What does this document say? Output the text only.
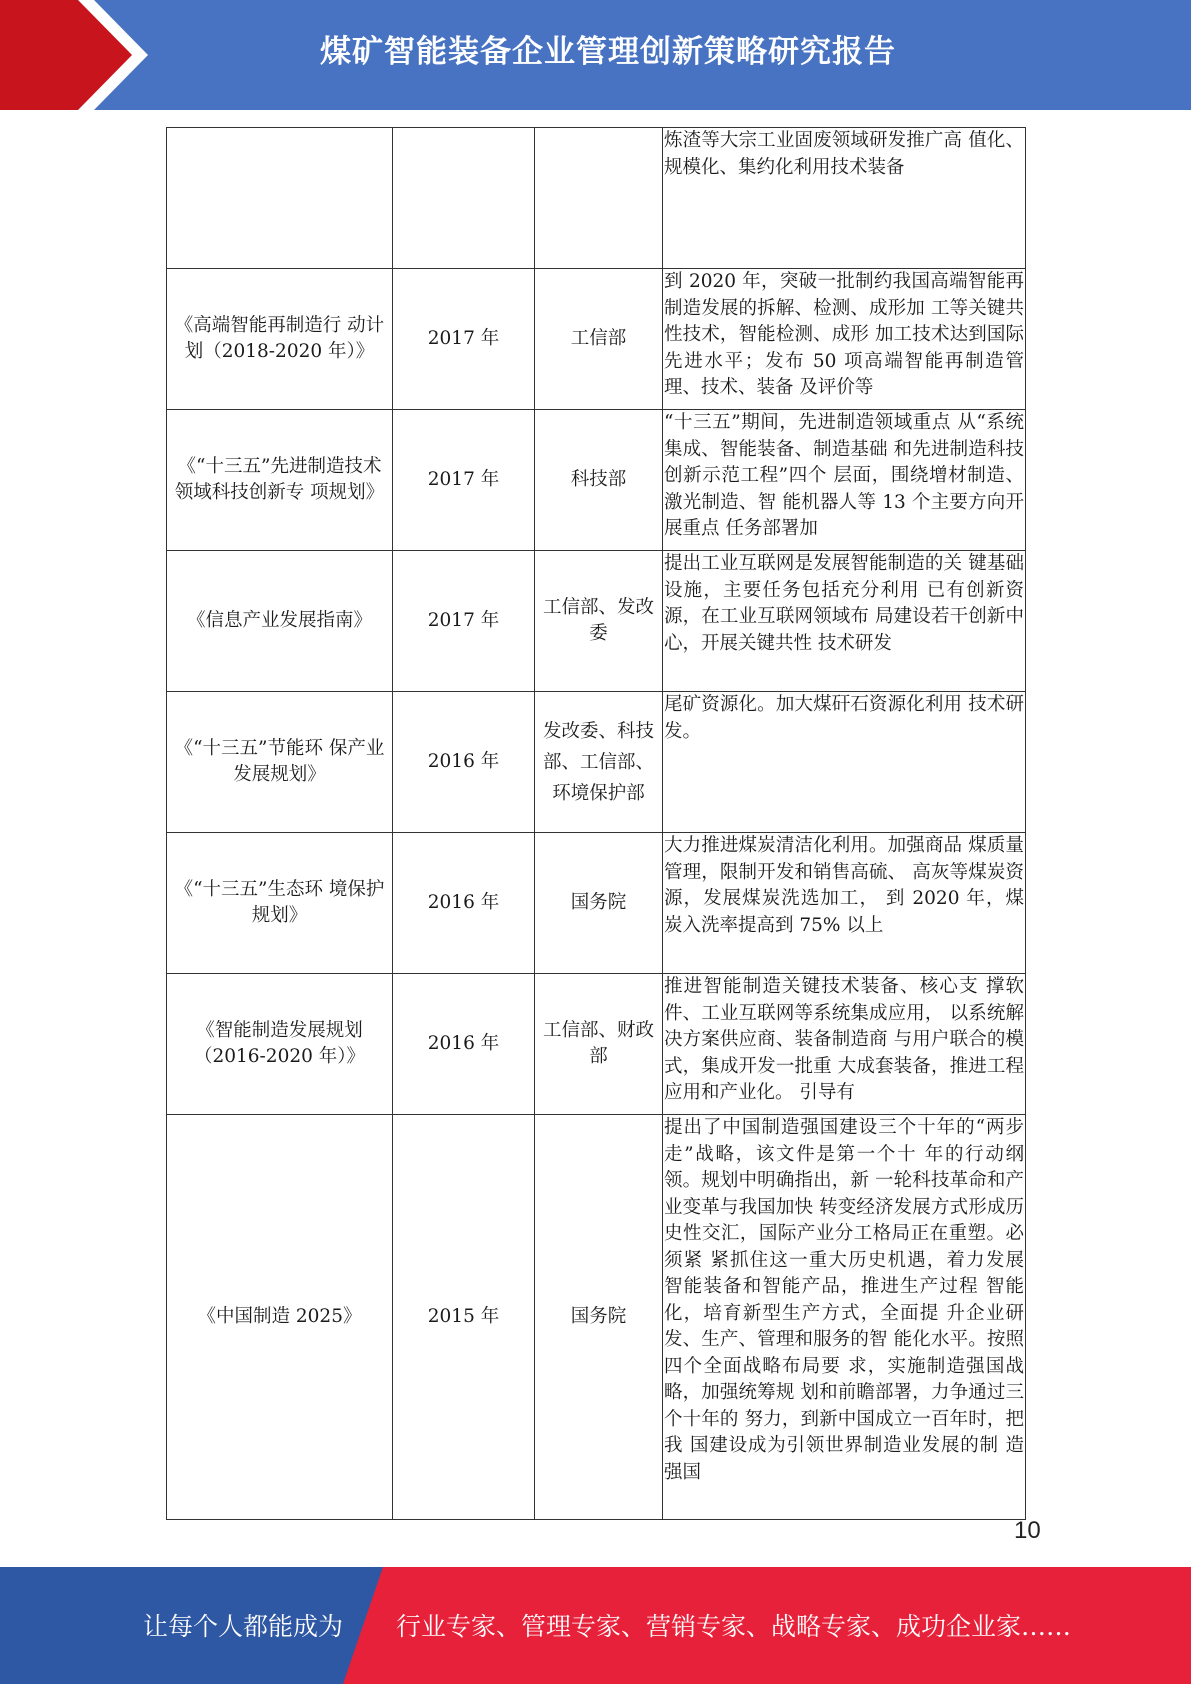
煤矿智能装备企业管理创新策略研究报告

			炼渣等大宗工业固废领域研发推广高 值化、规模化、集约化利用技术装备

《高端智能再制造行 动计划（2018-2020 年）》	2017 年	工信部	到 2020 年，突破一批制约我国高端智能再制造发展的拆解、检测、成形加 工等关键共性技术，智能检测、成形 加工技术达到国际先进水平；发布 50 项高端智能再制造管理、技术、装备 及评价等

《“十三五”先进制造技术领域科技创新专 项规划》	2017 年	科技部	“十三五”期间，先进制造领域重点 从“系统集成、智能装备、制造基础 和先进制造科技创新示范工程”四个 层面，围绕增材制造、激光制造、智 能机器人等 13 个主要方向开展重点 任务部署加

《信息产业发展指南》	2017 年	工信部、发改委	提出工业互联网是发展智能制造的关 键基础设施，主要任务包括充分利用 已有创新资源，在工业互联网领域布 局建设若干创新中心，开展关键共性 技术研发

《“十三五”节能环 保产业发展规划》	2016 年	发改委、科技部、工信部、环境保护部	尾矿资源化。加大煤矸石资源化利用 技术研发。

《“十三五”生态环 境保护规划》	2016 年	国务院	大力推进煤炭清洁化利用。加强商品 煤质量管理，限制开发和销售高硫、 高灰等煤炭资源，发展煤炭洗选加工， 到 2020 年，煤炭入洗率提高到 75% 以上

《智能制造发展规划（2016-2020 年）》	2016 年	工信部、财政部	推进智能制造关键技术装备、核心支 撑软件、工业互联网等系统集成应用， 以系统解决方案供应商、装备制造商 与用户联合的模式，集成开发一批重 大成套装备，推进工程应用和产业化。 引导有

《中国制造 2025》	2015 年	国务院	提出了中国制造强国建设三个十年的“两步走”战略，该文件是第一个十 年的行动纲领。规划中明确指出，新 一轮科技革命和产业变革与我国加快 转变经济发展方式形成历史性交汇，国际产业分工格局正在重塑。必须紧 紧抓住这一重大历史机遇，着力发展 智能装备和智能产品，推进生产过程 智能化，培育新型生产方式，全面提 升企业研发、生产、管理和服务的智 能化水平。按照四个全面战略布局要 求，实施制造强国战略，加强统筹规 划和前瞻部署，力争通过三个十年的 努力，到新中国成立一百年时，把我 国建设成为引领世界制造业发展的制 造强国
10
让每个人都能成为 行业专家、管理专家、营销专家、战略专家、成功企业家……
